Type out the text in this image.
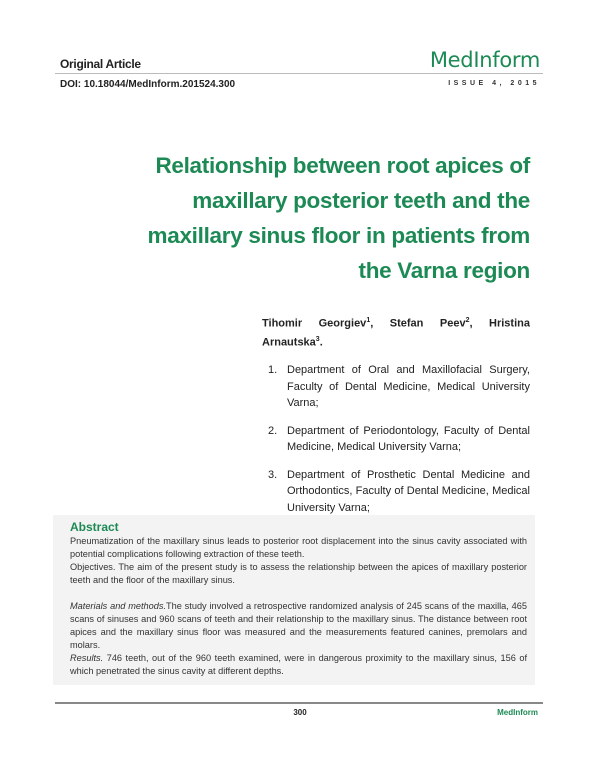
Original Article	MedInform
DOI: 10.18044/MedInform.201524.300	ISSUE 4, 2015
Relationship between root apices of maxillary posterior teeth and the maxillary sinus floor in patients from the Varna region
Tihomir Georgiev$^1$, Stefan Peev$^2$, Hristina Arnautska$^3$.
1. Department of Oral and Maxillofacial Surgery, Faculty of Dental Medicine, Medical University Varna;
2. Department of Periodontology, Faculty of Dental Medicine, Medical University Varna;
3. Department of Prosthetic Dental Medicine and Orthodontics, Faculty of Dental Medicine, Medical University Varna;
Abstract

Pneumatization of the maxillary sinus leads to posterior root displacement into the sinus cavity associated with potential complications following extraction of these teeth.

Objectives. The aim of the present study is to assess the relationship between the apices of maxillary posterior teeth and the floor of the maxillary sinus.

Materials and methods.The study involved a retrospective randomized analysis of 245 scans of the maxilla, 465 scans of sinuses and 960 scans of teeth and their relationship to the maxillary sinus. The distance between root apices and the maxillary sinus floor was measured and the measurements featured canines, premolars and molars.

Results. 746 teeth, out of the 960 teeth examined, were in dangerous proximity to the maxillary sinus, 156 of which penetrated the sinus cavity at different depths.

300	MedInform
